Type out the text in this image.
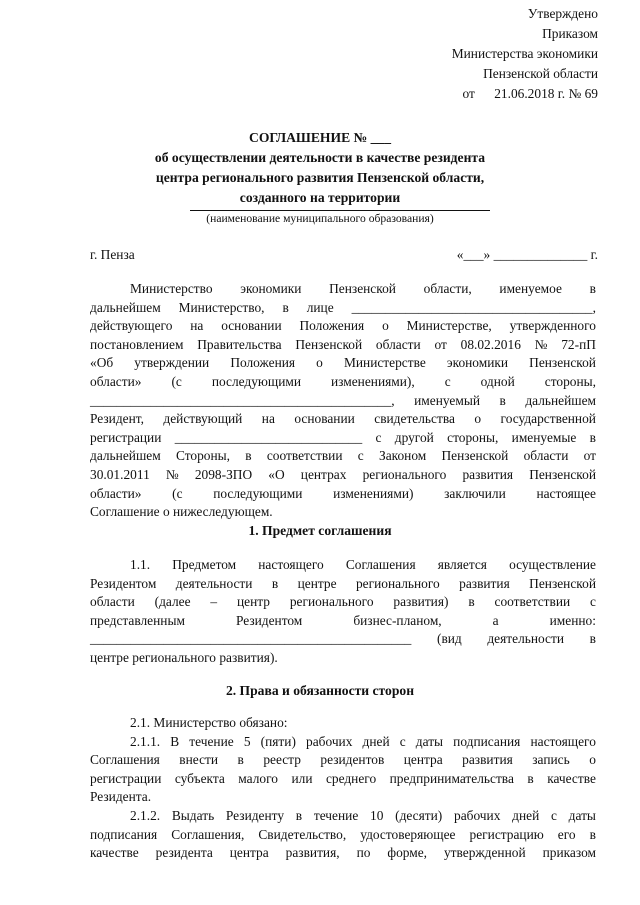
Утверждено
Приказом
Министерства экономики
Пензенской области
от 21.06.2018 г. № 69
СОГЛАШЕНИЕ № ___
об осуществлении деятельности в качестве резидента
центра регионального развития Пензенской области,
созданного на территории
(наименование муниципального образования)
г. Пенза	«___» ______________ г.
Министерство экономики Пензенской области, именуемое в
дальнейшем Министерство, в лице ____________________________________,
действующего на основании Положения о Министерстве, утвержденного
постановлением Правительства Пензенской области от 08.02.2016 № 72-пП
«Об утверждении Положения о Министерстве экономики Пензенской
области» (с последующими изменениями), с одной стороны,
_____________________________________________, именуемый в дальнейшем
Резидент, действующий на основании свидетельства о государственной
регистрации ____________________________ с другой стороны, именуемые в
дальнейшем Стороны, в соответствии с Законом Пензенской области от
30.01.2011 № 2098-ЗПО «О центрах регионального развития Пензенской
области» (с последующими изменениями) заключили настоящее
Соглашение о нижеследующем.
1. Предмет соглашения
1.1. Предметом настоящего Соглашения является осуществление
Резидентом деятельности в центре регионального развития Пензенской
области (далее – центр регионального развития) в соответствии с
представленным	Резидентом	бизнес-планом,	а	именно:
________________________________________________ (вид деятельности в
центре регионального развития).
2. Права и обязанности сторон
2.1. Министерство обязано:
2.1.1. В течение 5 (пяти) рабочих дней с даты подписания настоящего
Соглашения внести в реестр резидентов центра развития запись о
регистрации субъекта малого или среднего предпринимательства в качестве
Резидента.
2.1.2. Выдать Резиденту в течение 10 (десяти) рабочих дней с даты
подписания Соглашения, Свидетельство, удостоверяющее регистрацию его в
качестве резидента центра развития, по форме, утвержденной приказом
